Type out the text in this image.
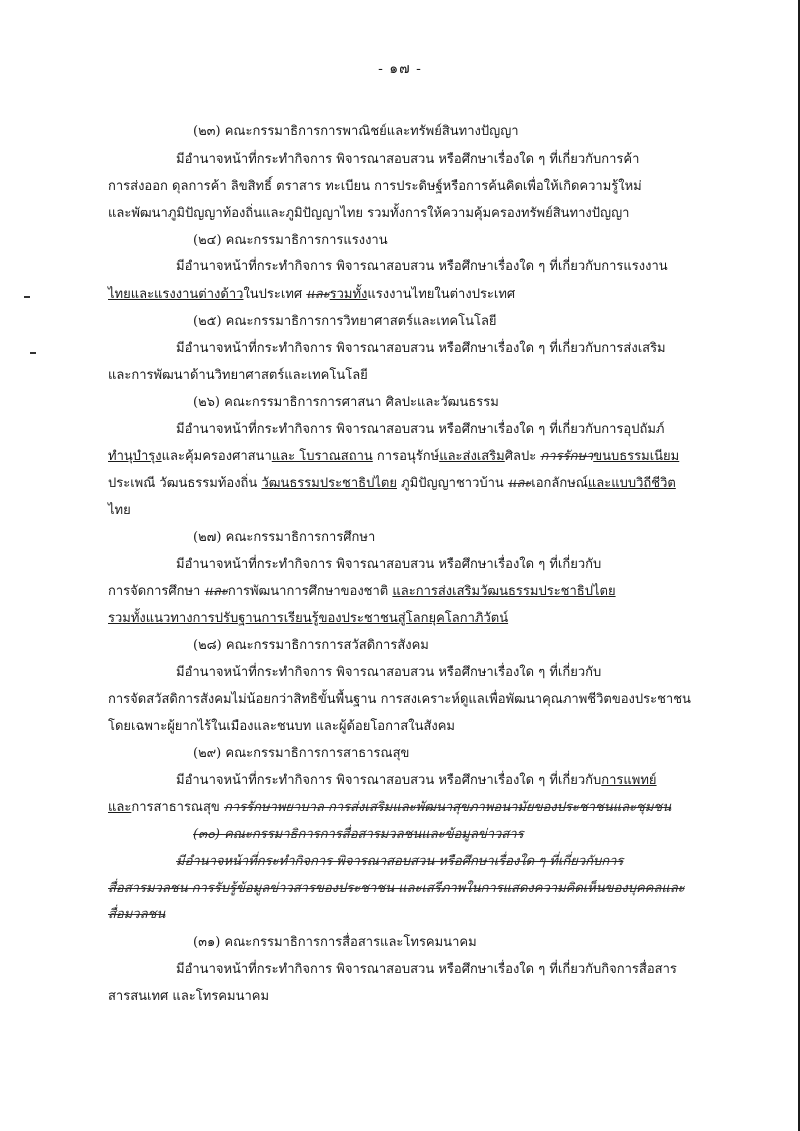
- ๑๗ -
(๒๓) คณะกรรมาธิการการพาณิชย์และทรัพย์สินทางปัญญา
มีอำนาจหน้าที่กระทำกิจการ พิจารณาสอบสวน หรือศึกษาเรื่องใด ๆ ที่เกี่ยวกับการค้า
การส่งออก ดุลการค้า ลิขสิทธิ์ ตราสาร ทะเบียน การประดิษฐ์หรือการค้นคิดเพื่อให้เกิดความรู้ใหม่
และพัฒนาภูมิปัญญาท้องถิ่นและภูมิปัญญาไทย รวมทั้งการให้ความคุ้มครองทรัพย์สินทางปัญญา
(๒๔) คณะกรรมาธิการการแรงงาน
มีอำนาจหน้าที่กระทำกิจการ พิจารณาสอบสวน หรือศึกษาเรื่องใด ๆ ที่เกี่ยวกับการแรงงาน
ไทยและแรงงานต่างด้าวในประเทศ และรวมทั้งแรงงานไทยในต่างประเทศ
(๒๕) คณะกรรมาธิการการวิทยาศาสตร์และเทคโนโลยี
มีอำนาจหน้าที่กระทำกิจการ พิจารณาสอบสวน หรือศึกษาเรื่องใด ๆ ที่เกี่ยวกับการส่งเสริม
และการพัฒนาด้านวิทยาศาสตร์และเทคโนโลยี
(๒๖) คณะกรรมาธิการการศาสนา ศิลปะและวัฒนธรรม
มีอำนาจหน้าที่กระทำกิจการ พิจารณาสอบสวน หรือศึกษาเรื่องใด ๆ ที่เกี่ยวกับการอุปถัมภ์
ทำนุบำรุงและคุ้มครองศาสนาและ โบราณสถาน การอนุรักษ์และส่งเสริมศิลปะ การรักษาขนบธรรมเนียม
ประเพณี วัฒนธรรมท้องถิ่น วัฒนธรรมประชาธิปไตย ภูมิปัญญาชาวบ้าน และเอกลักษณ์และแบบวิถีชีวิต
ไทย
(๒๗) คณะกรรมาธิการการศึกษา
มีอำนาจหน้าที่กระทำกิจการ พิจารณาสอบสวน หรือศึกษาเรื่องใด ๆ ที่เกี่ยวกับ
การจัดการศึกษา และการพัฒนาการศึกษาของชาติ และการส่งเสริมวัฒนธรรมประชาธิปไตย
รวมทั้งแนวทางการปรับฐานการเรียนรู้ของประชาชนสู่โลกยุคโลกาภิวัตน์
(๒๘) คณะกรรมาธิการการสวัสดิการสังคม
มีอำนาจหน้าที่กระทำกิจการ พิจารณาสอบสวน หรือศึกษาเรื่องใด ๆ ที่เกี่ยวกับ
การจัดสวัสดิการสังคมไม่น้อยกว่าสิทธิขั้นพื้นฐาน การสงเคราะห์ดูแลเพื่อพัฒนาคุณภาพชีวิตของประชาชน
โดยเฉพาะผู้ยากไร้ในเมืองและชนบท และผู้ด้อยโอกาสในสังคม
(๒๙) คณะกรรมาธิการการสาธารณสุข
มีอำนาจหน้าที่กระทำกิจการ พิจารณาสอบสวน หรือศึกษาเรื่องใด ๆ ที่เกี่ยวกับการแพทย์
และการสาธารณสุข การรักษาพยาบาล การส่งเสริมและพัฒนาสุขภาพอนามัยของประชาชนและชุมชน
(๓๐) คณะกรรมาธิการการสื่อสารมวลชนและข้อมูลข่าวสาร
มีอำนาจหน้าที่กระทำกิจการ พิจารณาสอบสวน หรือศึกษาเรื่องใด ๆ ที่เกี่ยวกับการ
สื่อสารมวลชน การรับรู้ข้อมูลข่าวสารของประชาชน และเสรีภาพในการแสดงความคิดเห็นของบุคคลและ
สื่อมวลชน
(๓๑) คณะกรรมาธิการการสื่อสารและโทรคมนาคม
มีอำนาจหน้าที่กระทำกิจการ พิจารณาสอบสวน หรือศึกษาเรื่องใด ๆ ที่เกี่ยวกับกิจการสื่อสาร
สารสนเทศ และโทรคมนาคม
